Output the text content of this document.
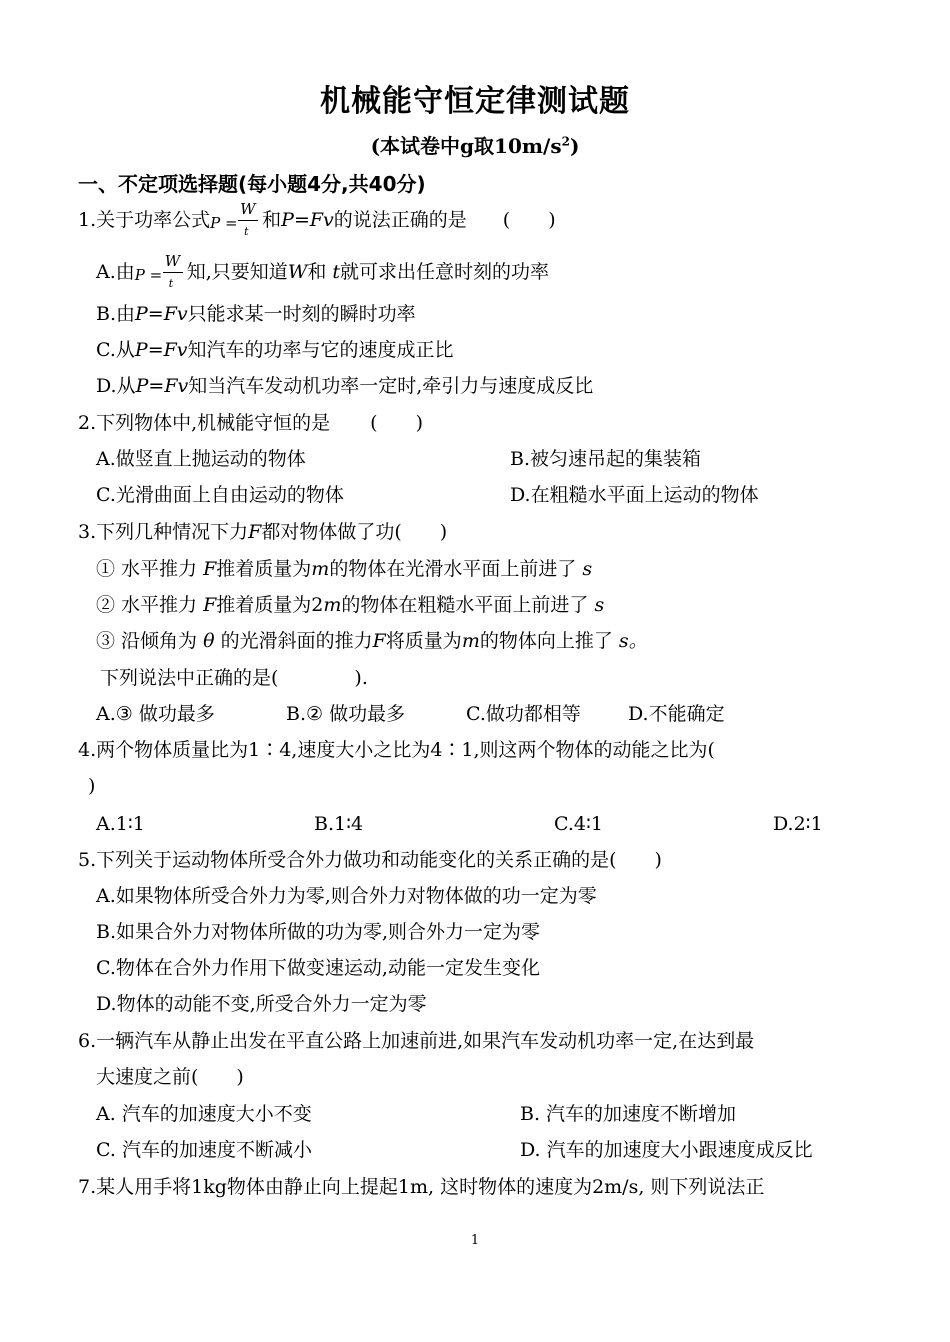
机械能守恒定律测试题
(本试卷中g取$10m/s^2$)
一、不定项选择题(每小题4分,共40分)
1.关于功率公式 P =
W
t
和P=Fv的说法正确的是 (　　)
A.由 P =
W
t
知,只要知道W和 t就可求出任意时刻的功率
B.由P=Fv只能求某一时刻的瞬时功率
C.从P=Fv知汽车的功率与它的速度成正比
D.从P=Fv知当汽车发动机功率一定时,牵引力与速度成反比
2.下列物体中,机械能守恒的是 (　　)
A.做竖直上抛运动的物体	B.被匀速吊起的集装箱
C.光滑曲面上自由运动的物体	D.在粗糙水平面上运动的物体
3.下列几种情况下力F都对物体做了功(　　)
① 水平推力 F推着质量为m的物体在光滑水平面上前进了 s
② 水平推力 F推着质量为2m的物体在粗糙水平面上前进了 s
③ 沿倾角为 θ 的光滑斜面的推力F将质量为m的物体向上推了 s。
下列说法中正确的是(　　　　).
A.③ 做功最多	B.② 做功最多	C.做功都相等 D.不能确定
4.两个物体质量比为1∶4,速度大小之比为4∶1,则这两个物体的动能之比为(
)
A.1∶1	B.1∶4	C.4∶1	D.2∶1
5.下列关于运动物体所受合外力做功和动能变化的关系正确的是(　　)
A.如果物体所受合外力为零,则合外力对物体做的功一定为零
B.如果合外力对物体所做的功为零,则合外力一定为零
C.物体在合外力作用下做变速运动,动能一定发生变化
D.物体的动能不变,所受合外力一定为零
6.一辆汽车从静止出发在平直公路上加速前进,如果汽车发动机功率一定,在达到最
大速度之前(　　)
A. 汽车的加速度大小不变	B. 汽车的加速度不断增加
C. 汽车的加速度不断减小	D. 汽车的加速度大小跟速度成反比
7.某人用手将1kg物体由静止向上提起1m, 这时物体的速度为2m/s, 则下列说法正
1
